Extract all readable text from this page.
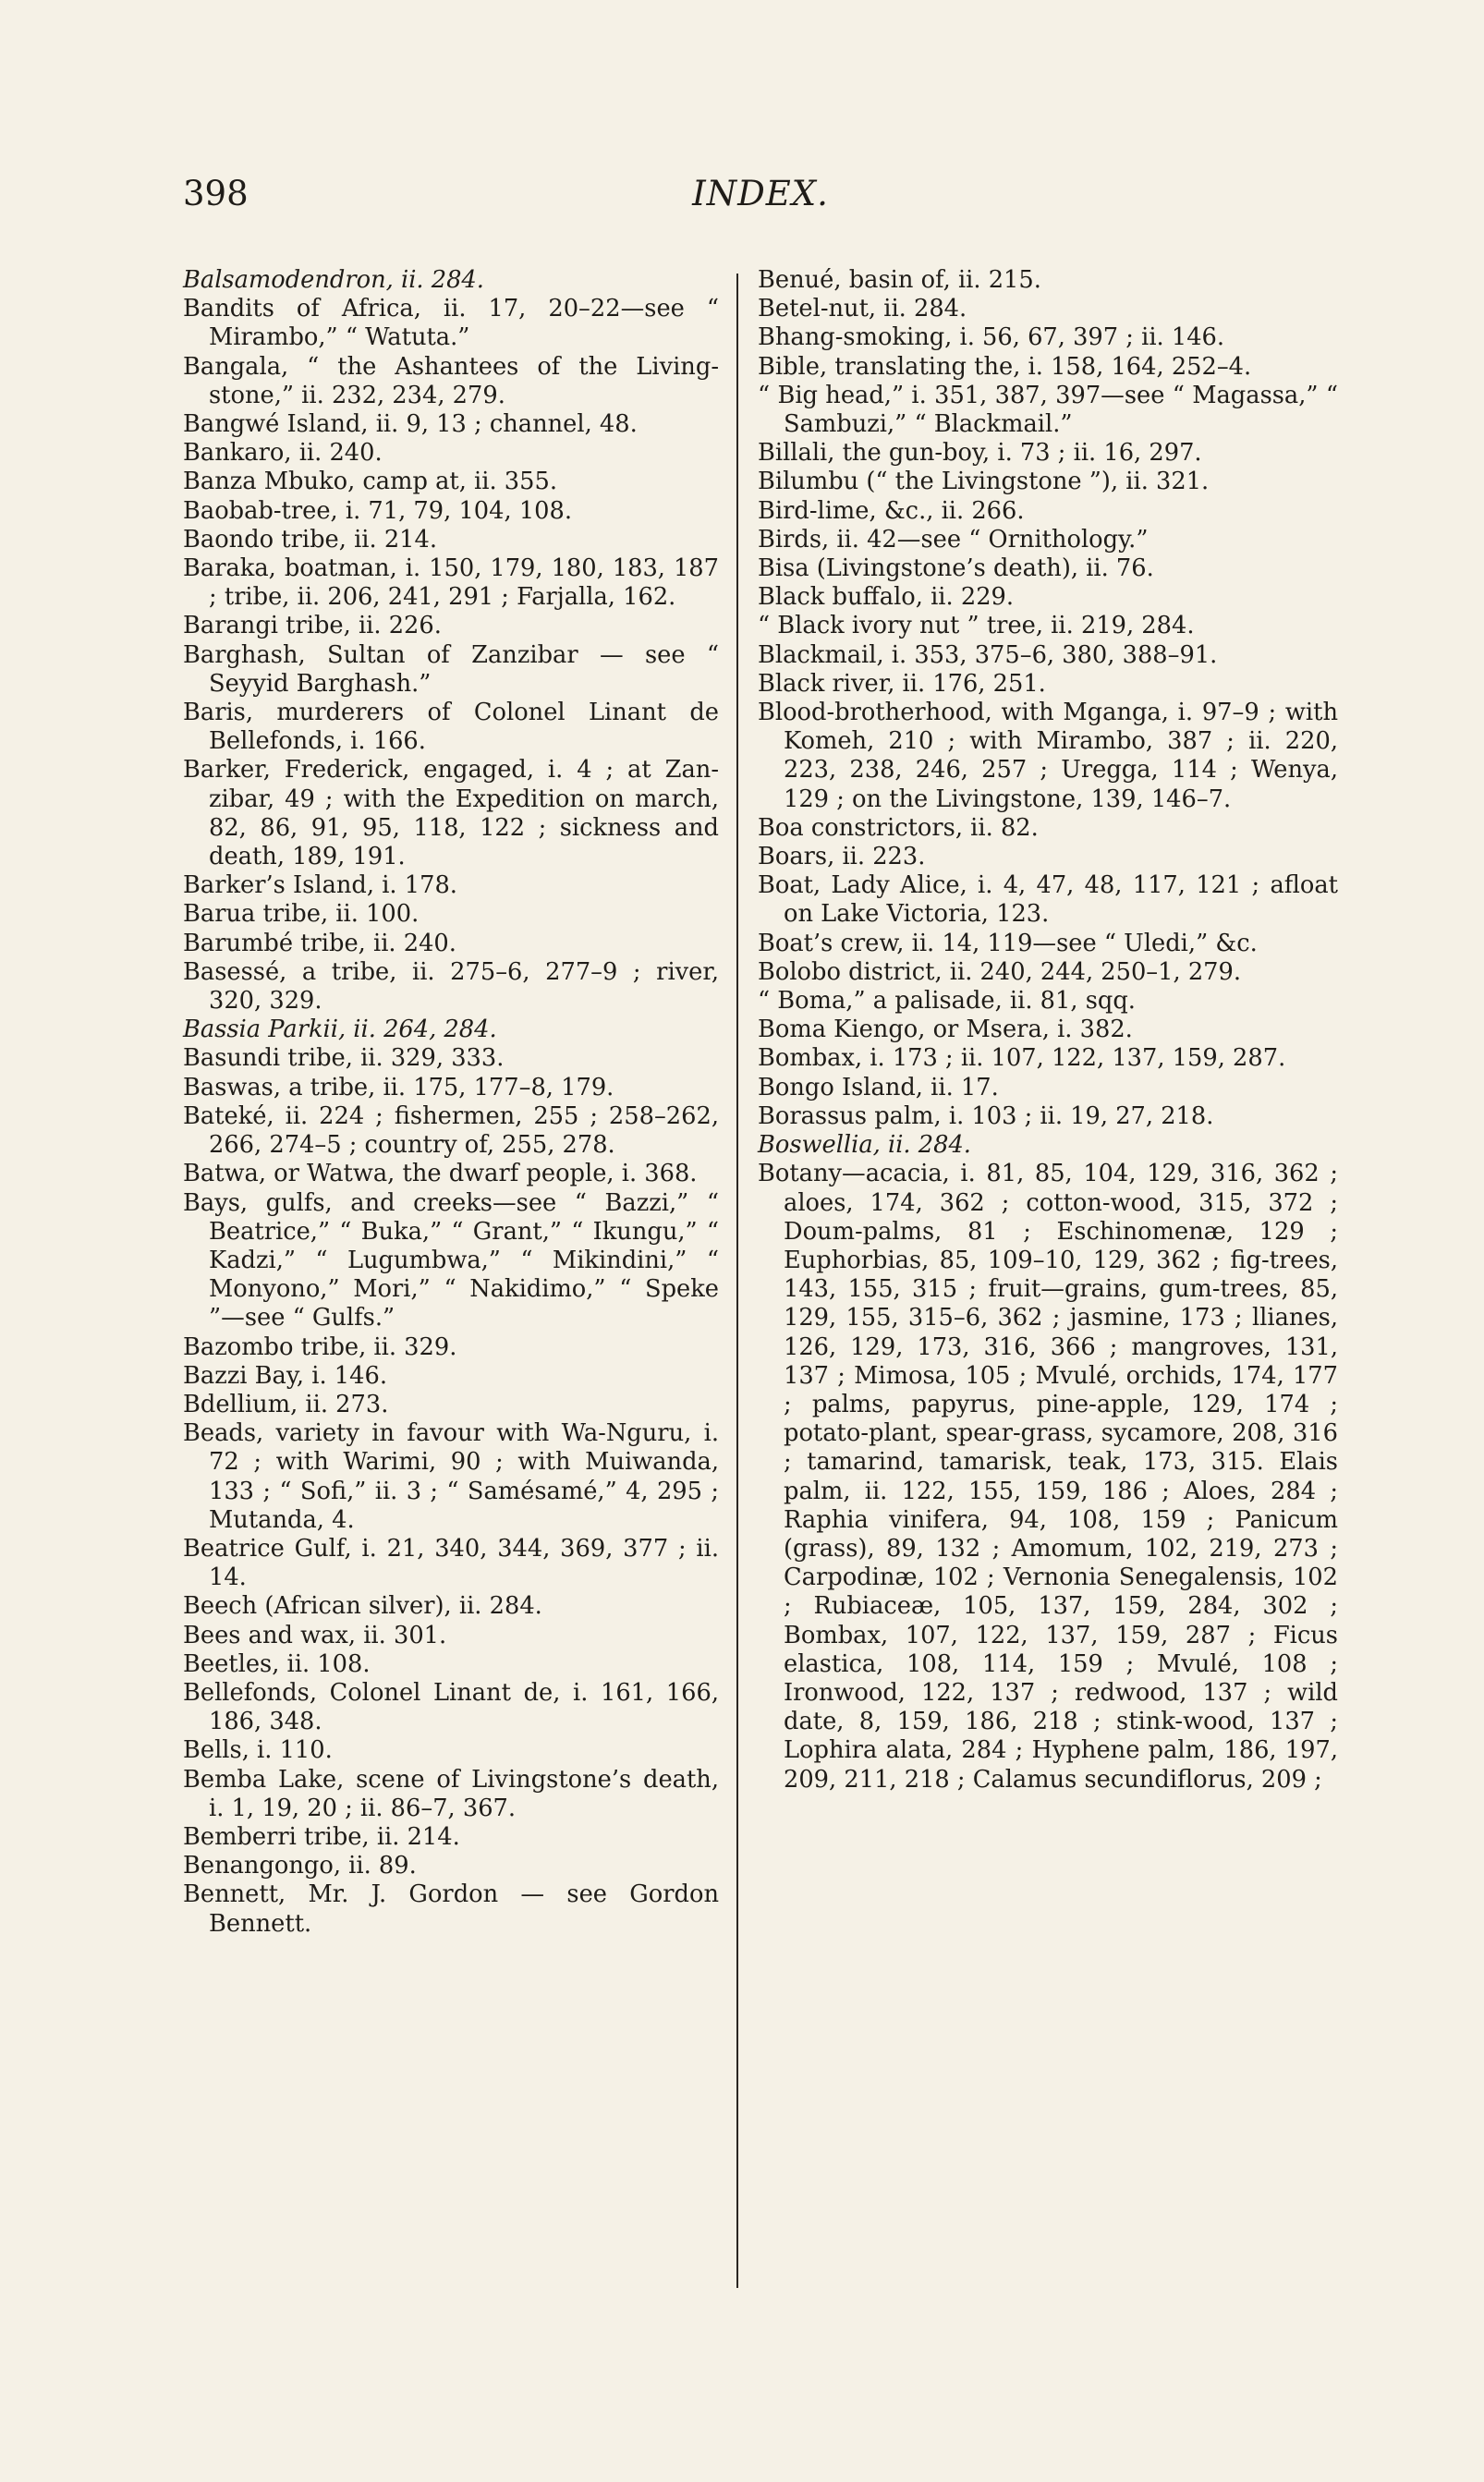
398	INDEX.

Balsamodendron, ii. 284.

Bandits of Africa, ii. 17, 20–22—see “ Mirambo,” “ Watuta.”

Bangala, “ the Ashantees of the Livingstone,” ii. 232, 234, 279.

Bangwé Island, ii. 9, 13 ; channel, 48.

Bankaro, ii. 240.

Banza Mbuko, camp at, ii. 355.

Baobab-tree, i. 71, 79, 104, 108.

Baondo tribe, ii. 214.

Baraka, boatman, i. 150, 179, 180, 183, 187 ; tribe, ii. 206, 241, 291 ; Farjalla, 162.

Barangi tribe, ii. 226.

Barghash, Sultan of Zanzibar — see “ Seyyid Barghash.”

Baris, murderers of Colonel Linant de Bellefonds, i. 166.

Barker, Frederick, engaged, i. 4 ; at Zanzibar, 49 ; with the Expedition on march, 82, 86, 91, 95, 118, 122 ; sickness and death, 189, 191.

Barker’s Island, i. 178.

Barua tribe, ii. 100.

Barumbé tribe, ii. 240.

Basessé, a tribe, ii. 275–6, 277–9 ; river, 320, 329.

Bassia Parkii, ii. 264, 284.

Basundi tribe, ii. 329, 333.

Baswas, a tribe, ii. 175, 177–8, 179.

Bateké, ii. 224 ; fishermen, 255 ; 258–262, 266, 274–5 ; country of, 255, 278.

Batwa, or Watwa, the dwarf people, i. 368.

Bays, gulfs, and creeks—see “ Bazzi,” “ Beatrice,” “ Buka,” “ Grant,” “ Ikungu,” “ Kadzi,” “ Lugumbwa,” “ Mikindini,” “ Monyono,” Mori,” “ Nakidimo,” “ Speke ”—see “ Gulfs.”

Bazombo tribe, ii. 329.

Bazzi Bay, i. 146.

Bdellium, ii. 273.

Beads, variety in favour with Wa-Nguru, i. 72 ; with Warimi, 90 ; with Muiwanda, 133 ; “ Sofi,” ii. 3 ; “ Samésamé,” 4, 295 ; Mutanda, 4.

Beatrice Gulf, i. 21, 340, 344, 369, 377 ; ii. 14.

Beech (African silver), ii. 284.

Bees and wax, ii. 301.

Beetles, ii. 108.

Bellefonds, Colonel Linant de, i. 161, 166, 186, 348.

Bells, i. 110.

Bemba Lake, scene of Livingstone’s death, i. 1, 19, 20 ; ii. 86–7, 367.

Bemberri tribe, ii. 214.

Benangongo, ii. 89.

Bennett, Mr. J. Gordon — see Gordon Bennett.

Benué, basin of, ii. 215.

Betel-nut, ii. 284.

Bhang-smoking, i. 56, 67, 397 ; ii. 146.

Bible, translating the, i. 158, 164, 252–4.

“ Big head,” i. 351, 387, 397—see “ Magassa,” “ Sambuzi,” “ Blackmail.”

Billali, the gun-boy, i. 73 ; ii. 16, 297.

Bilumbu (“ the Livingstone ”), ii. 321.

Bird-lime, &c., ii. 266.

Birds, ii. 42—see “ Ornithology.”

Bisa (Livingstone’s death), ii. 76.

Black buffalo, ii. 229.

“ Black ivory nut ” tree, ii. 219, 284.

Blackmail, i. 353, 375–6, 380, 388–91.

Black river, ii. 176, 251.

Blood-brotherhood, with Mganga, i. 97–9 ; with Komeh, 210 ; with Mirambo, 387 ; ii. 220, 223, 238, 246, 257 ; Uregga, 114 ; Wenya, 129 ; on the Livingstone, 139, 146–7.

Boa constrictors, ii. 82.

Boars, ii. 223.

Boat, Lady Alice, i. 4, 47, 48, 117, 121 ; afloat on Lake Victoria, 123.

Boat’s crew, ii. 14, 119—see “ Uledi,” &c.

Bolobo district, ii. 240, 244, 250–1, 279.

“ Boma,” a palisade, ii. 81, sqq.

Boma Kiengo, or Msera, i. 382.

Bombax, i. 173 ; ii. 107, 122, 137, 159, 287.

Bongo Island, ii. 17.

Borassus palm, i. 103 ; ii. 19, 27, 218.

Boswellia, ii. 284.

Botany—acacia, i. 81, 85, 104, 129, 316, 362 ; aloes, 174, 362 ; cotton-wood, 315, 372 ; Doum-palms, 81 ; Eschinomenæ, 129 ; Euphorbias, 85, 109–10, 129, 362 ; fig-trees, 143, 155, 315 ; fruit—grains, gum-trees, 85, 129, 155, 315–6, 362 ; jasmine, 173 ; llianes, 126, 129, 173, 316, 366 ; mangroves, 131, 137 ; Mimosa, 105 ; Mvulé, orchids, 174, 177 ; palms, papyrus, pine-apple, 129, 174 ; potato-plant, spear-grass, sycamore, 208, 316 ; tamarind, tamarisk, teak, 173, 315. Elais palm, ii. 122, 155, 159, 186 ; Aloes, 284 ; Raphia vinifera, 94, 108, 159 ; Panicum (grass), 89, 132 ; Amomum, 102, 219, 273 ; Carpodinæ, 102 ; Vernonia Senegalensis, 102 ; Rubiaceæ, 105, 137, 159, 284, 302 ; Bombax, 107, 122, 137, 159, 287 ; Ficus elastica, 108, 114, 159 ; Mvulé, 108 ; Ironwood, 122, 137 ; redwood, 137 ; wild date, 8, 159, 186, 218 ; stink-wood, 137 ; Lophira alata, 284 ; Hyphene palm, 186, 197, 209, 211, 218 ; Calamus secundiflorus, 209 ;
